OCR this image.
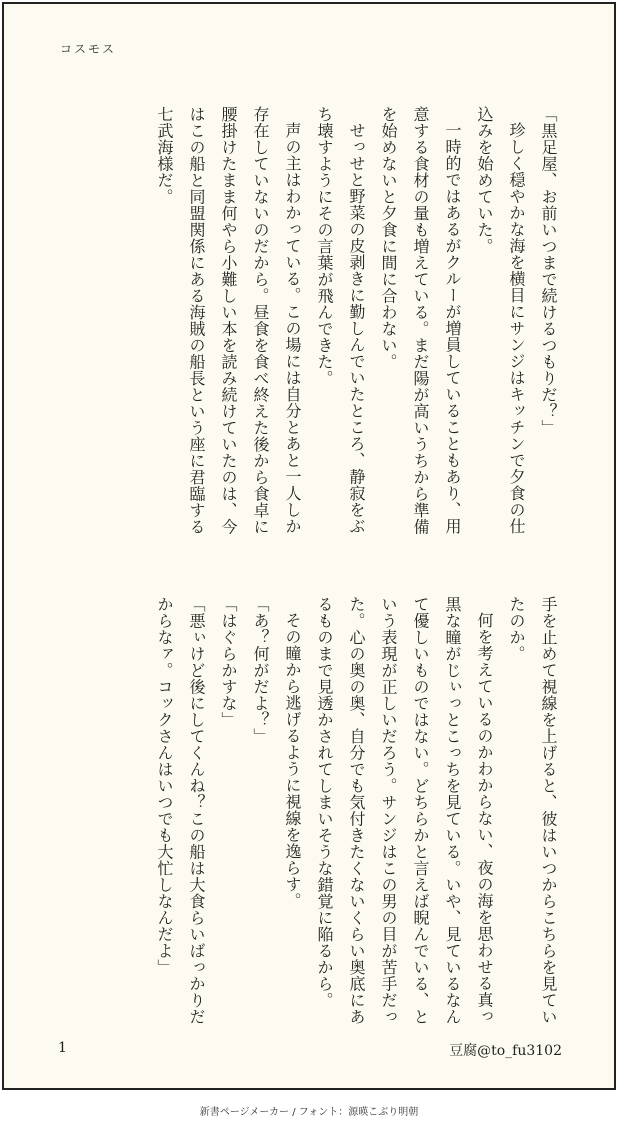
コスモス

「黒足屋、お前いつまで続けるつもりだ？」

珍しく穏やかな海を横目にサンジはキッチンで夕食の仕込みを始めていた。

一時的ではあるがクルーが増員していることもあり、用意する食材の量も増えている。まだ陽が高いうちから準備を始めないと夕食に間に合わない。

せっせと野菜の皮剥きに勤しんでいたところ、静寂をぶち壊すようにその言葉が飛んできた。

声の主はわかっている。この場には自分とあと一人しか存在していないのだから。昼食を食べ終えた後から食卓に腰掛けたまま何やら小難しい本を読み続けていたのは、今はこの船と同盟関係にある海賊の船長という座に君臨する七武海様だ。

手を止めて視線を上げると、彼はいつからこちらを見ていたのか。

何を考えているのかわからない、夜の海を思わせる真っ黒な瞳がじぃっとこっちを見ている。いや、見ているなんて優しいものではない。どちらかと言えば睨んでいる、という表現が正しいだろう。サンジはこの男の目が苦手だった。心の奥の奥、自分でも気付きたくないくらい奥底にあるものまで見透かされてしまいそうな錯覚に陥るから。

その瞳から逃げるように視線を逸らす。

「あ？何がだよ？」

「はぐらかすな」

「悪ぃけど後にしてくんね？この船は大食らいばっかりだからなァ。コックさんはいつでも大忙しなんだよ」

1	豆腐@to_fu3102
新書ページメーカー / フォント：源暎こぶり明朝
